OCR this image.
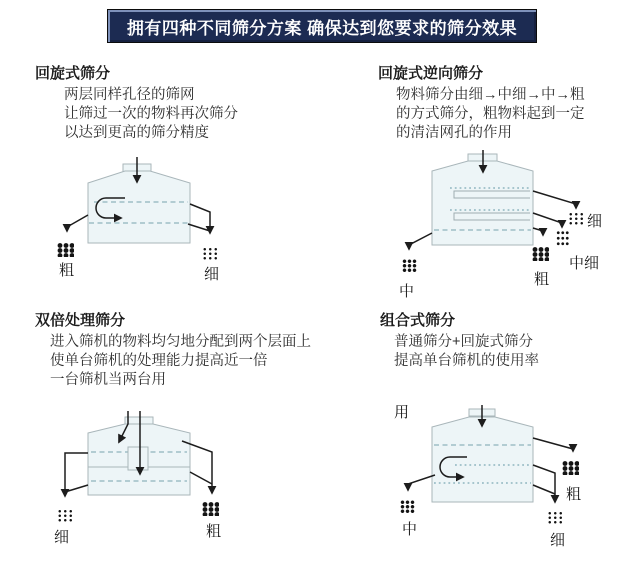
拥有四种不同筛分方案 确保达到您要求的筛分效果
回旋式筛分
两层同样孔径的筛网
让筛过一次的物料再次筛分
以达到更高的筛分精度
粗	细
回旋式逆向筛分
物料筛分由细→中细→中→粗
的方式筛分，粗物料起到一定
的清洁网孔的作用
细
中细
粗
中
双倍处理筛分
进入筛机的物料均匀地分配到两个层面上
使单台筛机的处理能力提高近一倍
一台筛机当两台用
细	粗
组合式筛分
普通筛分+回旋式筛分
提高单台筛机的使用率
用
粗
细
中
